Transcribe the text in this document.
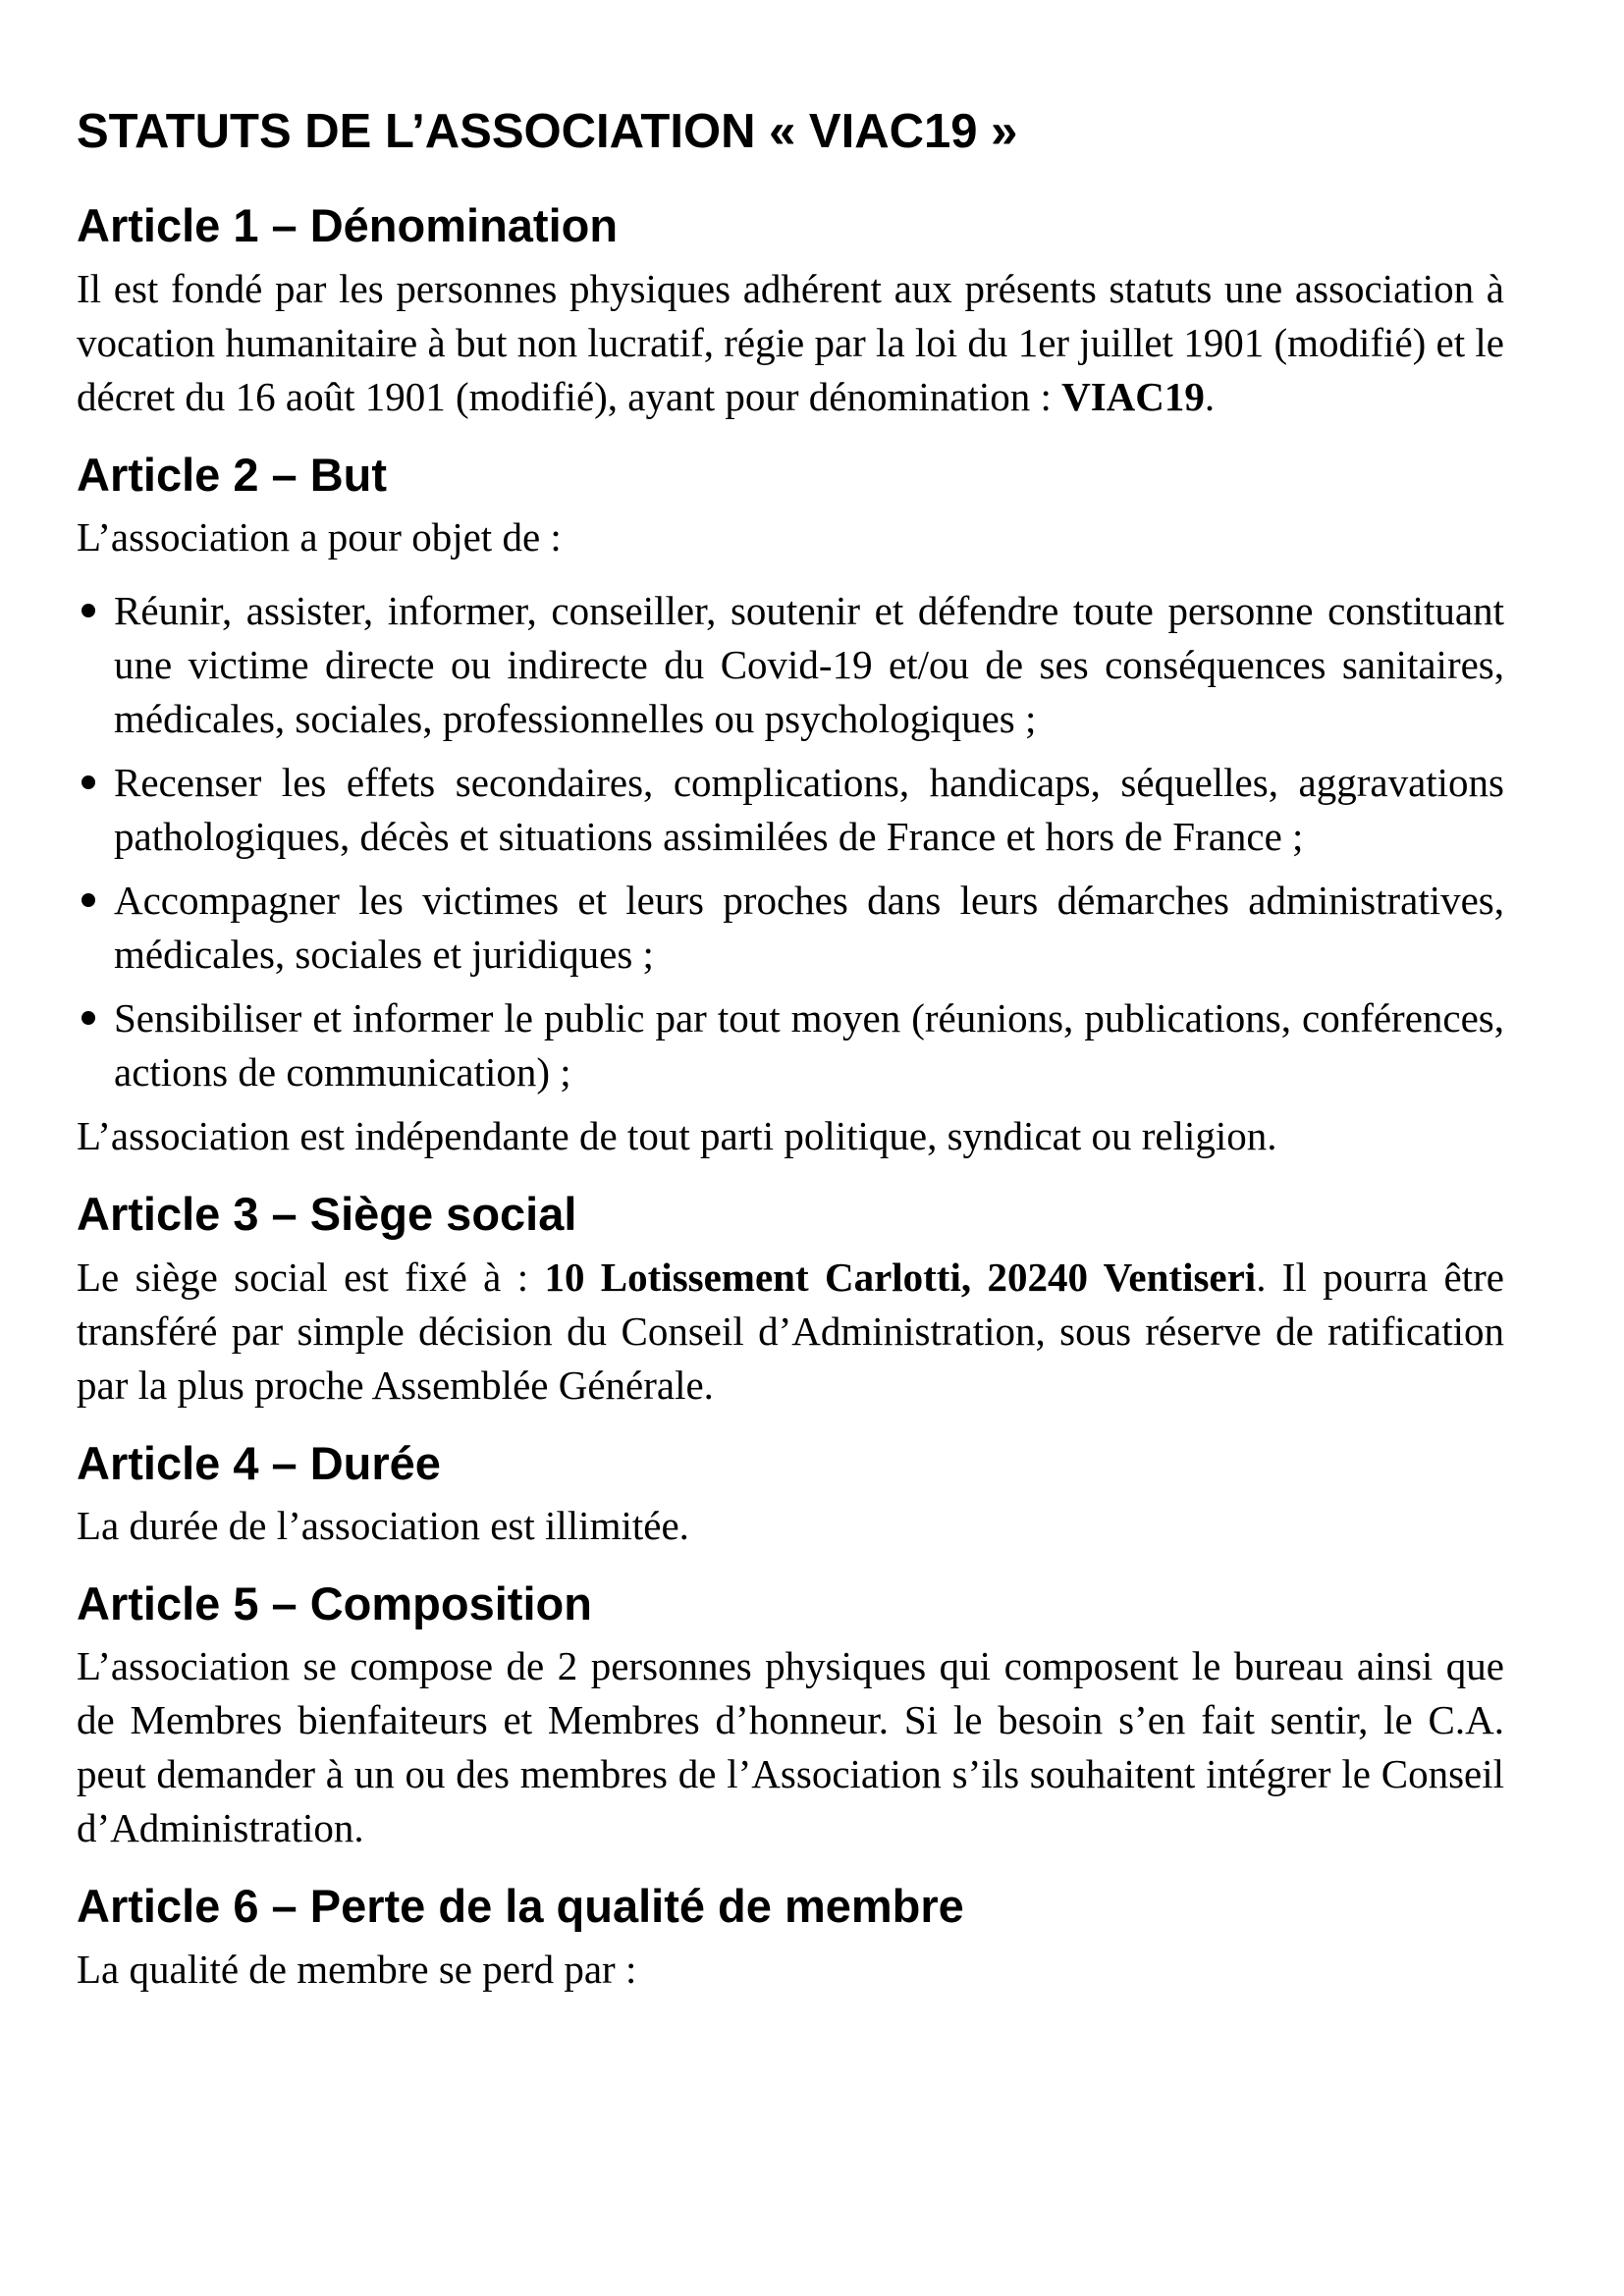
STATUTS DE L’ASSOCIATION « VIAC19 »
Article 1 – Dénomination

Il est fondé par les personnes physiques adhérent aux présents statuts une association à vocation humanitaire à but non lucratif, régie par la loi du 1er juillet 1901 (modifié) et le décret du 16 août 1901 (modifié), ayant pour dénomination : VIAC19.

Article 2 – But

L’association a pour objet de :

Réunir, assister, informer, conseiller, soutenir et défendre toute personne constituant une victime directe ou indirecte du Covid-19 et/ou de ses conséquences sanitaires, médicales, sociales, professionnelles ou psychologiques ;
Recenser les effets secondaires, complications, handicaps, séquelles, aggravations pathologiques, décès et situations assimilées de France et hors de France ;
Accompagner les victimes et leurs proches dans leurs démarches administratives, médicales, sociales et juridiques ;
Sensibiliser et informer le public par tout moyen (réunions, publications, conférences, actions de communication) ;

L’association est indépendante de tout parti politique, syndicat ou religion.

Article 3 – Siège social

Le siège social est fixé à : 10 Lotissement Carlotti, 20240 Ventiseri. Il pourra être transféré par simple décision du Conseil d’Administration, sous réserve de ratification par la plus proche Assemblée Générale.

Article 4 – Durée

La durée de l’association est illimitée.

Article 5 – Composition

L’association se compose de 2 personnes physiques qui composent le bureau ainsi que de Membres bienfaiteurs et Membres d’honneur. Si le besoin s’en fait sentir, le C.A. peut demander à un ou des membres de l’Association s’ils souhaitent intégrer le Conseil d’Administration.

Article 6 – Perte de la qualité de membre

La qualité de membre se perd par :
